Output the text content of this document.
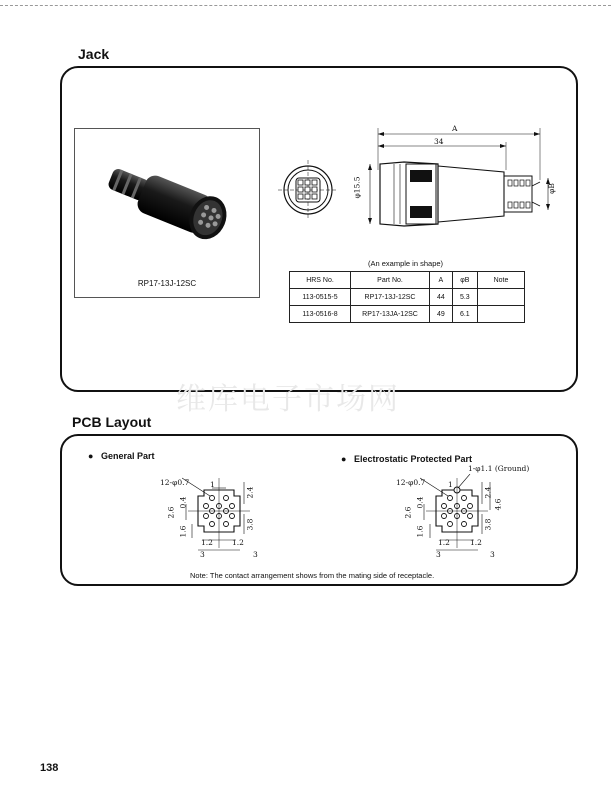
Jack
RP17-13J-12SC
A
34
φ15.5	φB
(An example in shape)
HRS No.	Part No.	A	φB	Note
113-0515-5	RP17-13J-12SC	44	5.3	
113-0516-8	RP17-13JA-12SC	49	6.1	
维库电子市场网
PCB Layout
● General Part
12-φ0.7	1
2.4
2.6
0.4
3.8
1.6
1.2	1.2
3	3
● Electrostatic Protected Part
1-φ1.1 (Ground)
12-φ0.7	1
2.4
4.6
2.6
0.4
3.8
1.6
1.2	1.2
3	3
Note: The contact arrangement shows from the mating side of receptacle.
138
